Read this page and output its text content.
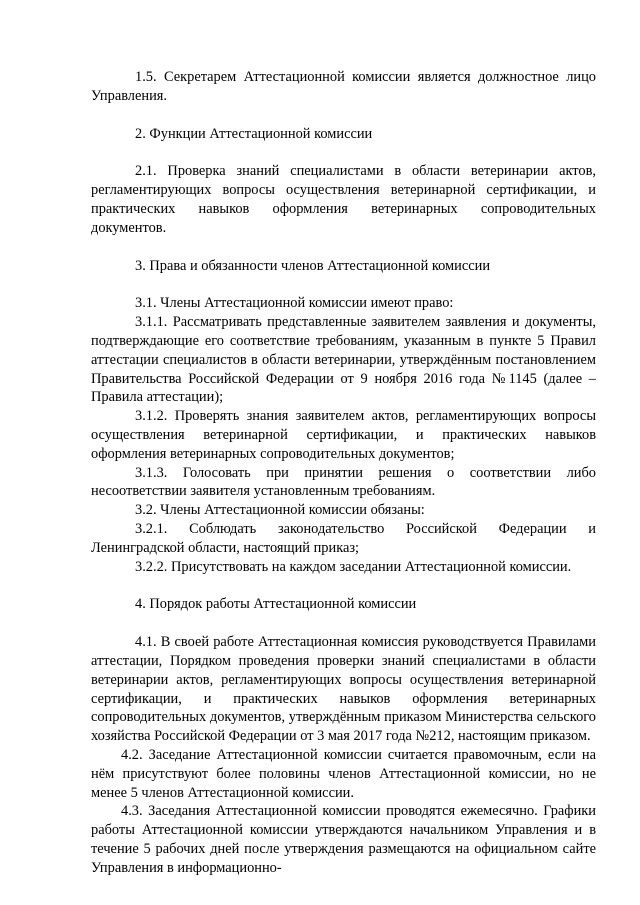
1.5. Секретарем Аттестационной комиссии является должностное лицо Управления.

2. Функции Аттестационной комиссии

2.1. Проверка знаний специалистами в области ветеринарии актов, регламентирующих вопросы осуществления ветеринарной сертификации, и практических навыков оформления ветеринарных сопроводительных документов.

3. Права и обязанности членов Аттестационной комиссии

3.1. Члены Аттестационной комиссии имеют право:

3.1.1. Рассматривать представленные заявителем заявления и документы, подтверждающие его соответствие требованиям, указанным в пункте 5 Правил аттестации специалистов в области ветеринарии, утверждённым постановлением Правительства Российской Федерации от 9 ноября 2016 года №1145 (далее – Правила аттестации);

3.1.2. Проверять знания заявителем актов, регламентирующих вопросы осуществления ветеринарной сертификации, и практических навыков оформления ветеринарных сопроводительных документов;

3.1.3. Голосовать при принятии решения о соответствии либо несоответствии заявителя установленным требованиям.

3.2. Члены Аттестационной комиссии обязаны:

3.2.1. Соблюдать законодательство Российской Федерации и Ленинградской области, настоящий приказ;

3.2.2. Присутствовать на каждом заседании Аттестационной комиссии.

4. Порядок работы Аттестационной комиссии

4.1. В своей работе Аттестационная комиссия руководствуется Правилами аттестации, Порядком проведения проверки знаний специалистами в области ветеринарии актов, регламентирующих вопросы осуществления ветеринарной сертификации, и практических навыков оформления ветеринарных сопроводительных документов, утверждённым приказом Министерства сельского хозяйства Российской Федерации от 3 мая 2017 года №212, настоящим приказом.

4.2. Заседание Аттестационной комиссии считается правомочным, если на нём присутствуют более половины членов Аттестационной комиссии, но не менее 5 членов Аттестационной комиссии.

4.3. Заседания Аттестационной комиссии проводятся ежемесячно. Графики работы Аттестационной комиссии утверждаются начальником Управления и в течение 5 рабочих дней после утверждения размещаются на официальном сайте Управления в информационно-
